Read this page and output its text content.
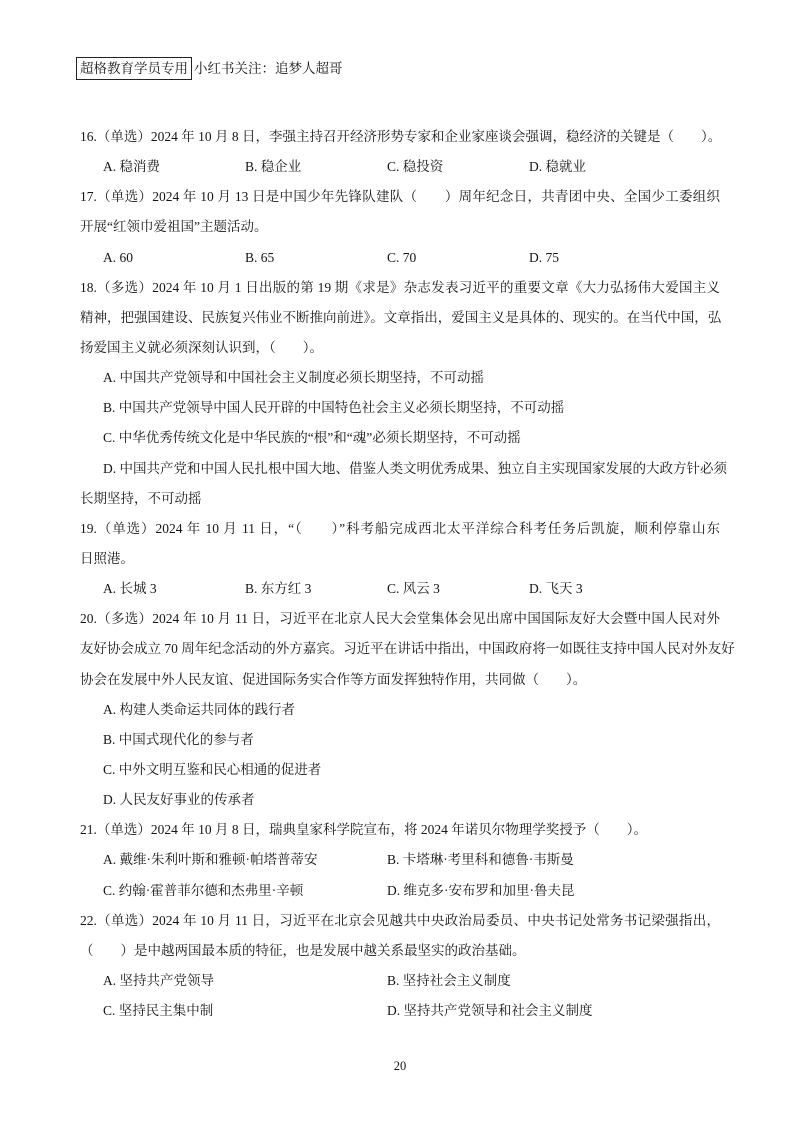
超格教育学员专用 小红书关注：追梦人超哥
16.（单选）2024 年 10 月 8 日，李强主持召开经济形势专家和企业家座谈会强调，稳经济的关键是（　　）。
A. 稳消费	B. 稳企业	C. 稳投资	D. 稳就业
17.（单选）2024 年 10 月 13 日是中国少年先锋队建队（　　）周年纪念日，共青团中央、全国少工委组织
开展“红领巾爱祖国”主题活动。
A. 60	B. 65	C. 70	D. 75
18.（多选）2024 年 10 月 1 日出版的第 19 期《求是》杂志发表习近平的重要文章《大力弘扬伟大爱国主义
精神，把强国建设、民族复兴伟业不断推向前进》。文章指出，爱国主义是具体的、现实的。在当代中国，弘
扬爱国主义就必须深刻认识到，（　　）。
A. 中国共产党领导和中国社会主义制度必须长期坚持，不可动摇
B. 中国共产党领导中国人民开辟的中国特色社会主义必须长期坚持，不可动摇
C. 中华优秀传统文化是中华民族的“根”和“魂”必须长期坚持，不可动摇
D. 中国共产党和中国人民扎根中国大地、借鉴人类文明优秀成果、独立自主实现国家发展的大政方针必须
长期坚持，不可动摇
19.（单选）2024 年 10 月 11 日，“（　　）”科考船完成西北太平洋综合科考任务后凯旋，顺利停靠山东
日照港。
A. 长城 3	B. 东方红 3	C. 风云 3	D. 飞天 3
20.（多选）2024 年 10 月 11 日，习近平在北京人民大会堂集体会见出席中国国际友好大会暨中国人民对外
友好协会成立 70 周年纪念活动的外方嘉宾。习近平在讲话中指出，中国政府将一如既往支持中国人民对外友好
协会在发展中外人民友谊、促进国际务实合作等方面发挥独特作用，共同做（　　）。
A. 构建人类命运共同体的践行者
B. 中国式现代化的参与者
C. 中外文明互鉴和民心相通的促进者
D. 人民友好事业的传承者
21.（单选）2024 年 10 月 8 日，瑞典皇家科学院宣布，将 2024 年诺贝尔物理学奖授予（　　）。
A. 戴维·朱利叶斯和雅顿·帕塔普蒂安	B. 卡塔琳·考里科和德鲁·韦斯曼
C. 约翰·霍普菲尔德和杰弗里·辛顿	D. 维克多·安布罗和加里·鲁夫昆
22.（单选）2024 年 10 月 11 日，习近平在北京会见越共中央政治局委员、中央书记处常务书记梁强指出，
（　　）是中越两国最本质的特征，也是发展中越关系最坚实的政治基础。
A. 坚持共产党领导	B. 坚持社会主义制度
C. 坚持民主集中制	D. 坚持共产党领导和社会主义制度
20
